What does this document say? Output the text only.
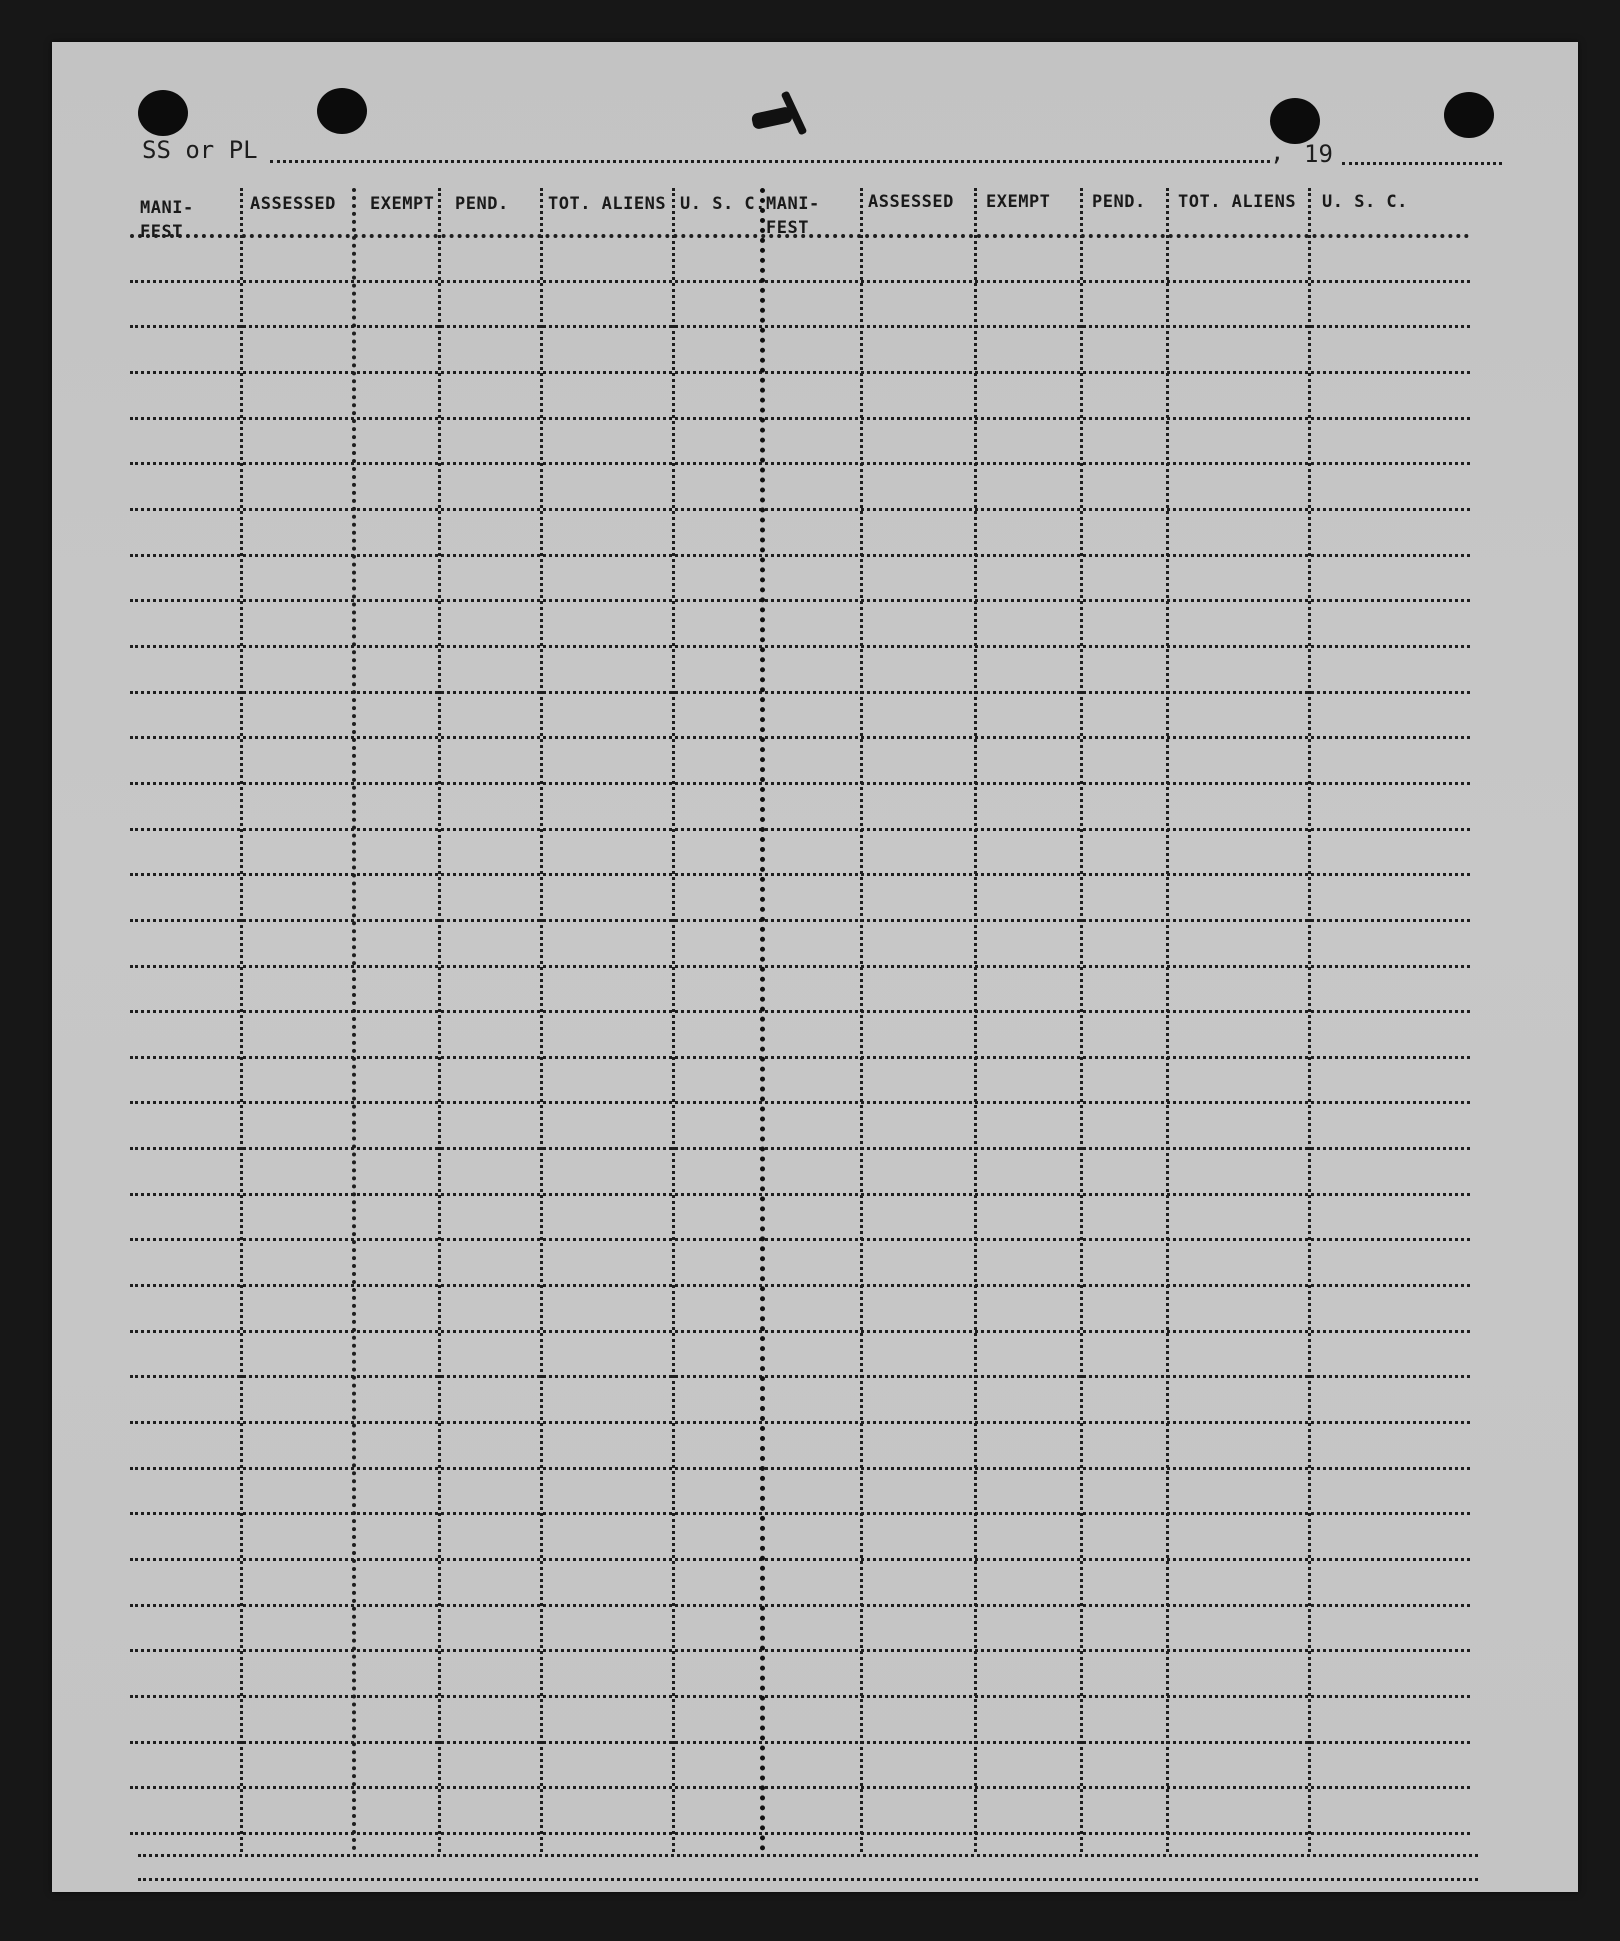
SS or PL	, 19
MANI-
FEST
ASSESSED EXEMPT PEND. TOT. ALIENS U. S. C. MANI-
FEST
ASSESSED EXEMPT PEND. TOT. ALIENS U. S. C.
